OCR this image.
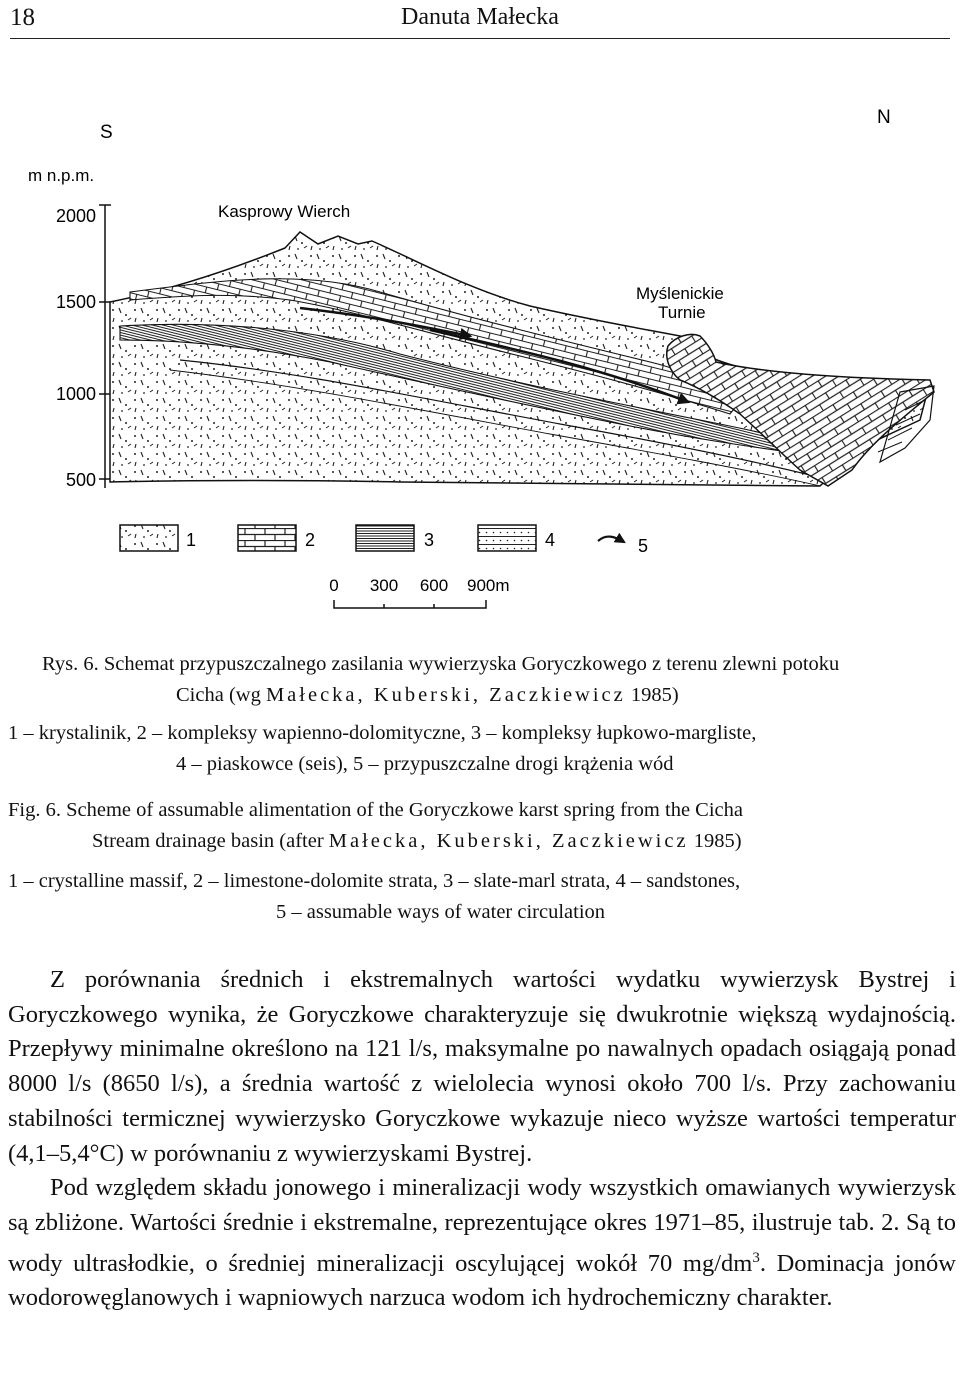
18	Danuta Małecka
S
N
m n.p.m.
2000
1500
1000
500
Kasprowy Wierch
Myślenickie
Turnie
1	2	3	4	5
0 300 600 900m
Rys. 6. Schemat przypuszczalnego zasilania wywierzyska Goryczkowego z terenu zlewni potoku
Cicha (wg Małecka, Kuberski, Zaczkiewicz 1985)
1 – krystalinik, 2 – kompleksy wapienno-dolomityczne, 3 – kompleksy łupkowo-margliste,
4 – piaskowce (seis), 5 – przypuszczalne drogi krążenia wód
Fig. 6. Scheme of assumable alimentation of the Goryczkowe karst spring from the Cicha
Stream drainage basin (after Małecka, Kuberski, Zaczkiewicz 1985)
1 – crystalline massif, 2 – limestone-dolomite strata, 3 – slate-marl strata, 4 – sandstones,
5 – assumable ways of water circulation

Z porównania średnich i ekstremalnych wartości wydatku wywierzysk Bystrej i Goryczkowego wynika, że Goryczkowe charakteryzuje się dwukrotnie większą wydajnością. Przepływy minimalne określono na 121 l/s, maksymalne po nawalnych opadach osiągają ponad 8000 l/s (8650 l/s), a średnia wartość z wielolecia wynosi około 700 l/s. Przy zachowaniu stabilności termicznej wywierzysko Goryczkowe wykazuje nieco wyższe wartości temperatur (4,1–5,4°C) w porównaniu z wywierzyskami Bystrej.

Pod względem składu jonowego i mineralizacji wody wszystkich omawianych wywierzysk są zbliżone. Wartości średnie i ekstremalne, reprezentujące okres 1971–85, ilustruje tab. 2. Są to wody ultrasłodkie, o średniej mineralizacji oscylującej wokół 70 $mg/dm^3$. Dominacja jonów wodorowęglanowych i wapniowych narzuca wodom ich hydrochemiczny charakter.
